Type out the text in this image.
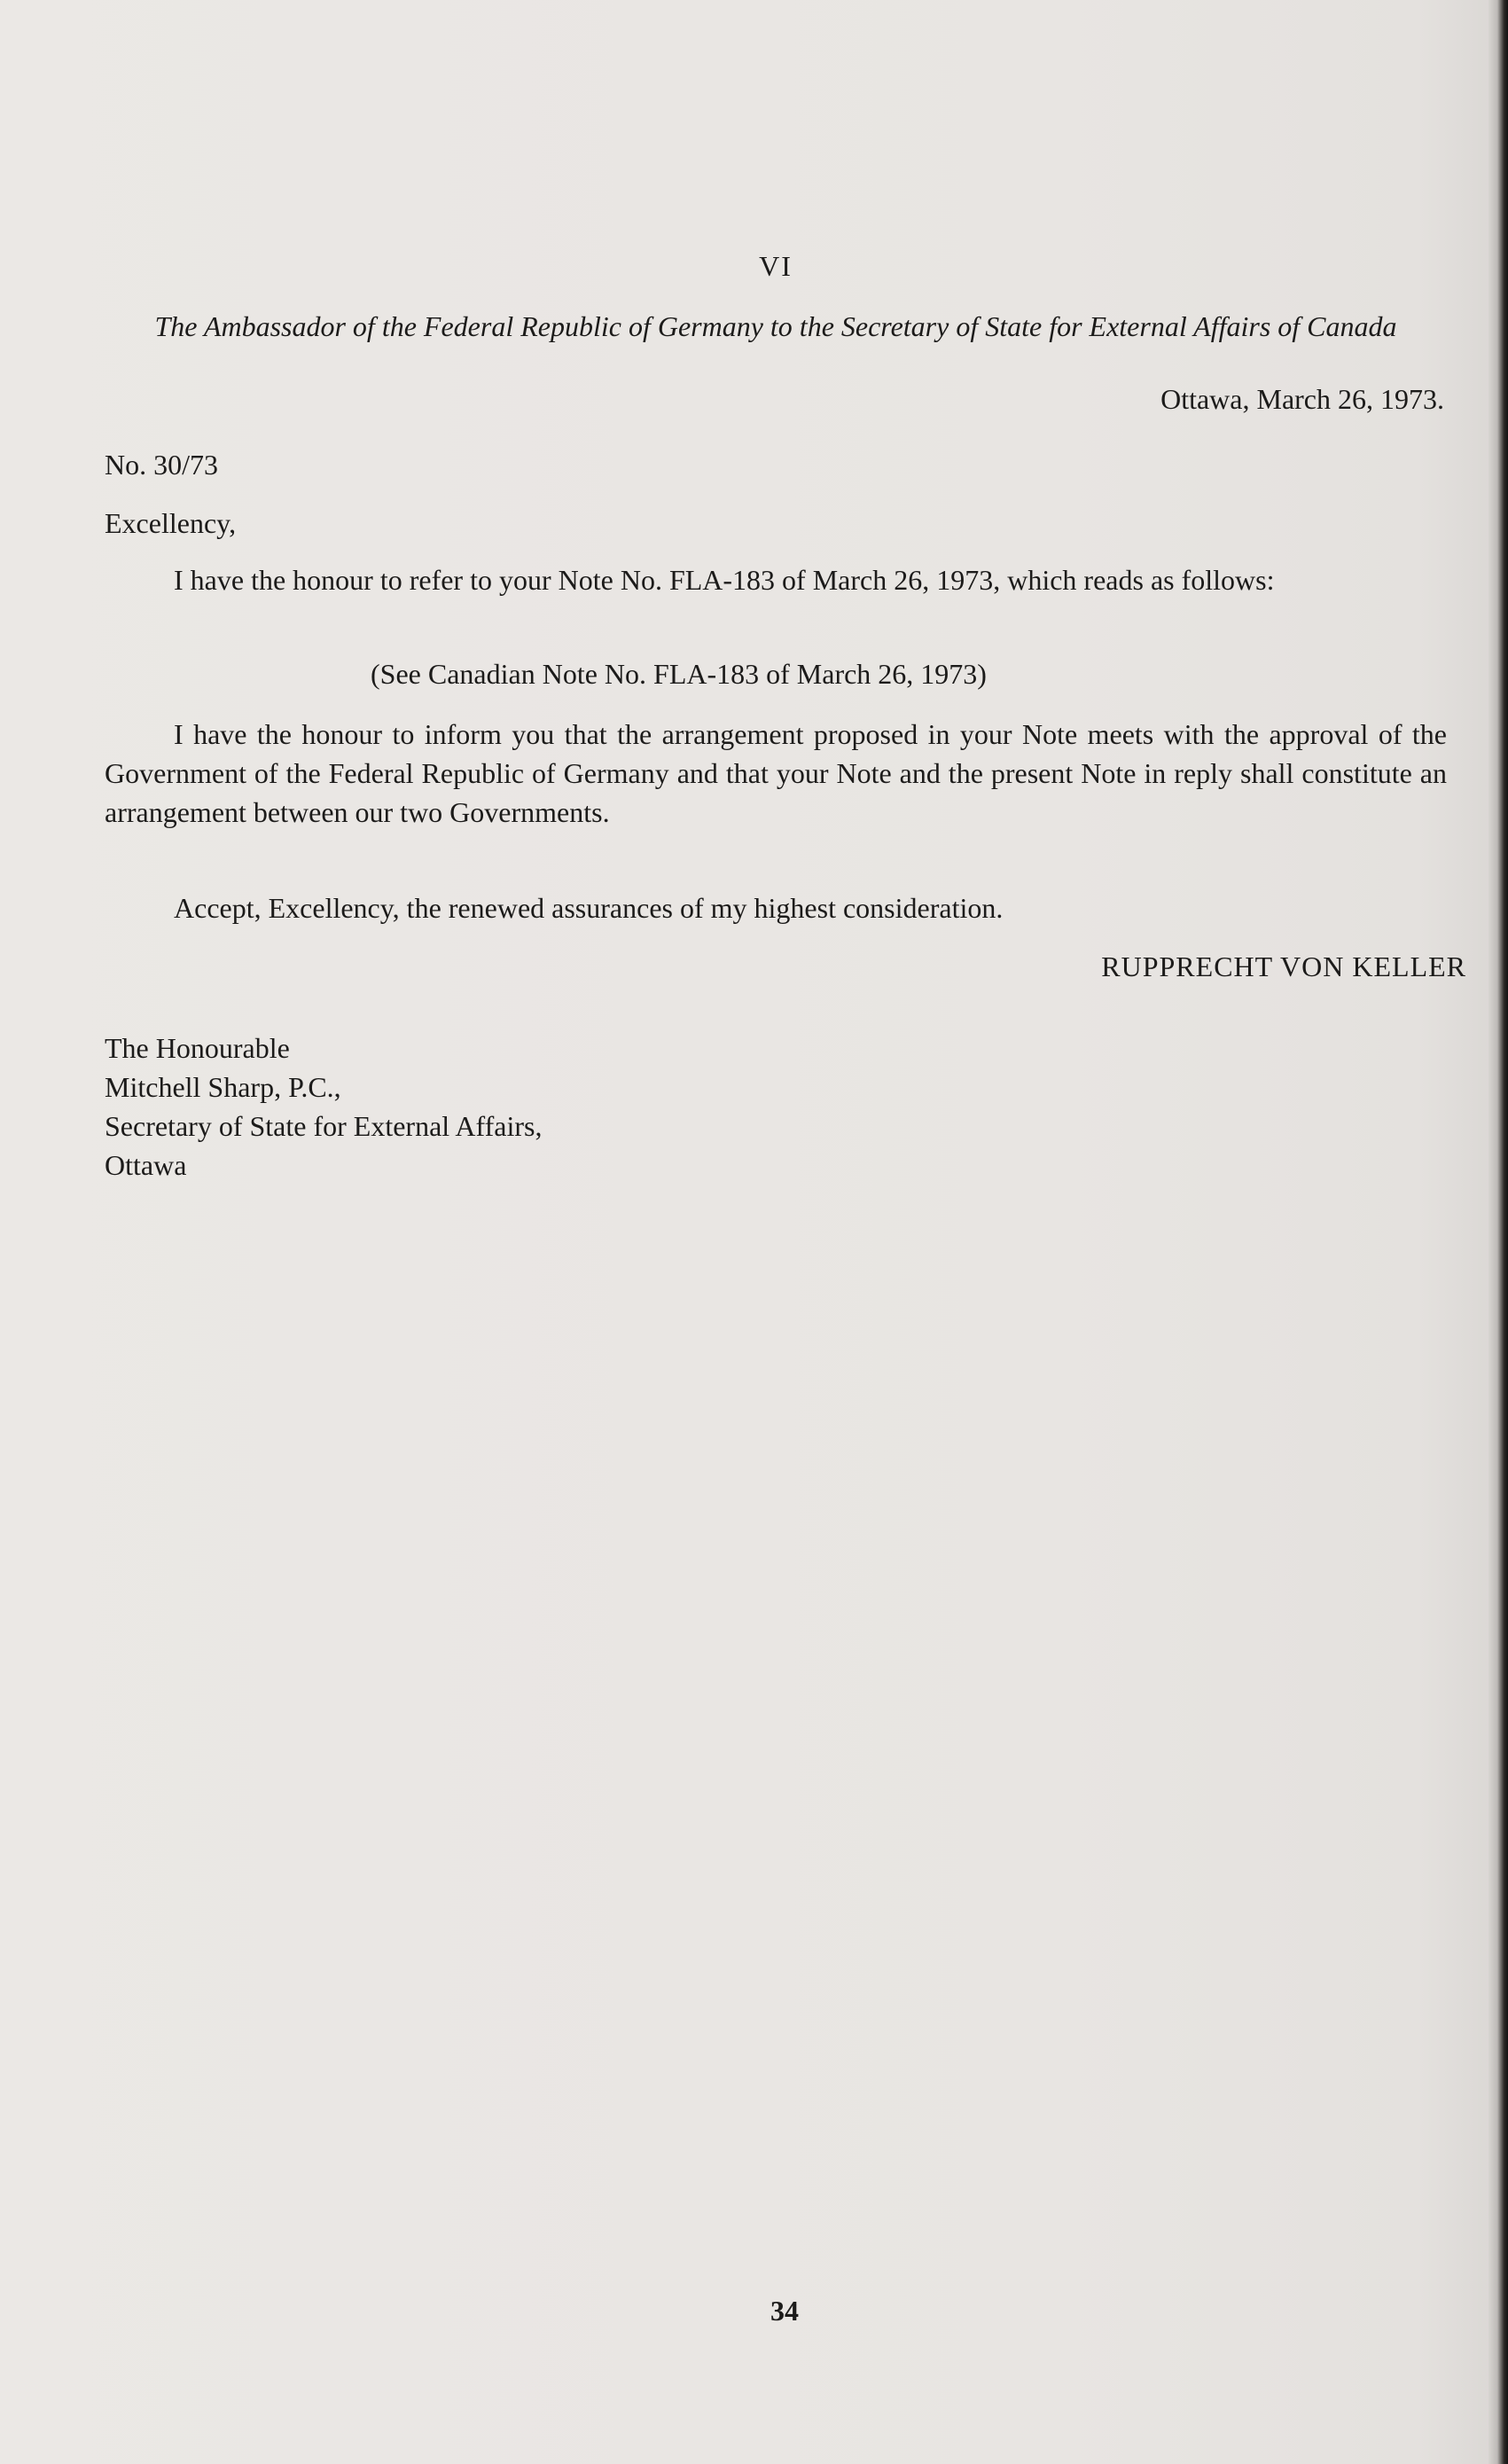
VI
The Ambassador of the Federal Republic of Germany to the Secretary of State for External Affairs of Canada
Ottawa, March 26, 1973.
No. 30/73
Excellency,
I have the honour to refer to your Note No. FLA-183 of March 26, 1973, which reads as follows:
(See Canadian Note No. FLA-183 of March 26, 1973)
I have the honour to inform you that the arrangement proposed in your Note meets with the approval of the Government of the Federal Republic of Germany and that your Note and the present Note in reply shall constitute an arrangement between our two Governments.
Accept, Excellency, the renewed assurances of my highest consideration.
RUPPRECHT VON KELLER
The Honourable
Mitchell Sharp, P.C.,
Secretary of State for External Affairs,
Ottawa
34
